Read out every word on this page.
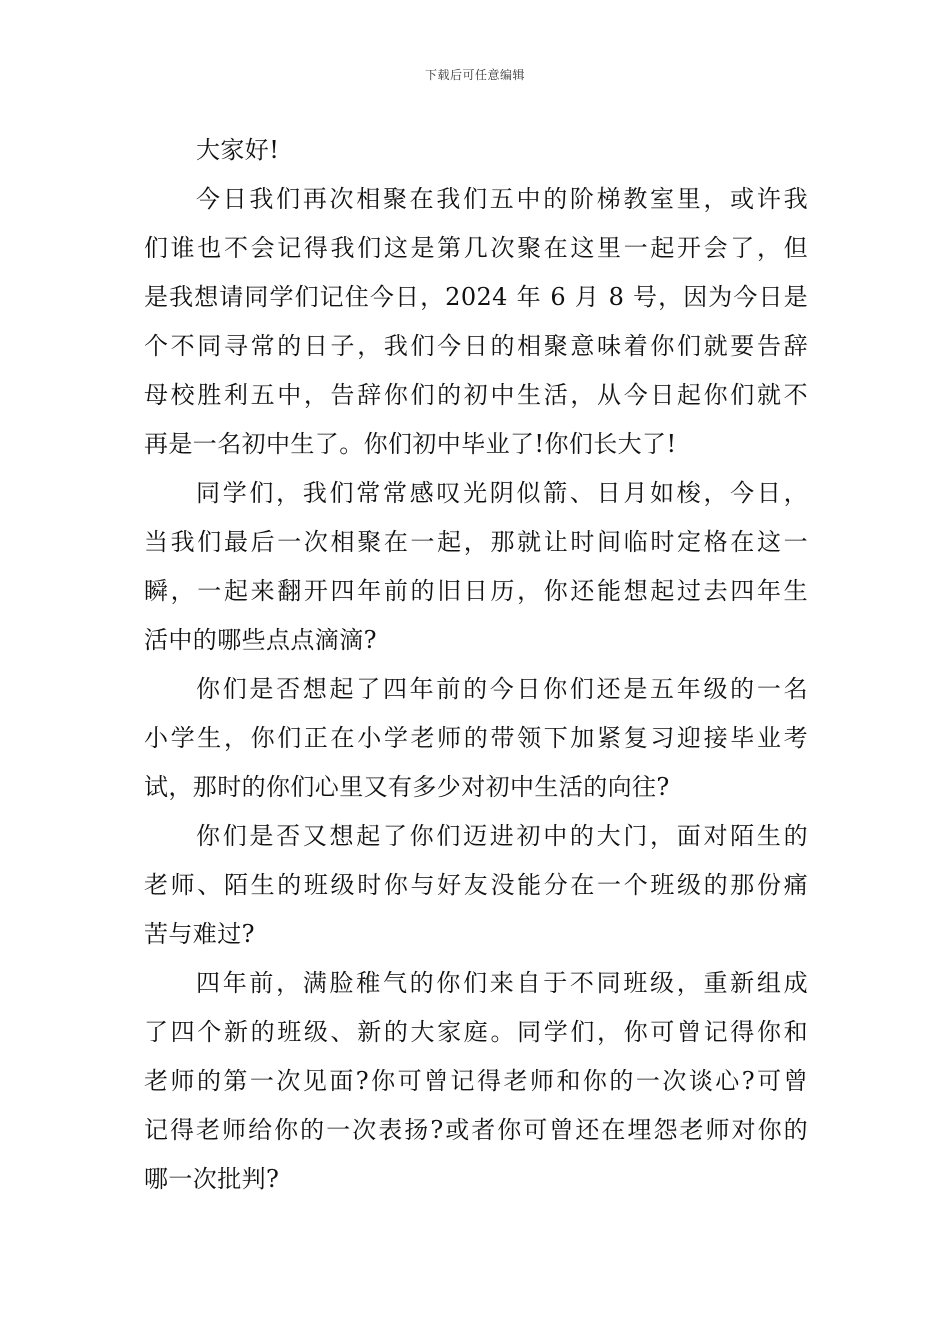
下载后可任意编辑
大家好!
今日我们再次相聚在我们五中的阶梯教室里，或许我
们谁也不会记得我们这是第几次聚在这里一起开会了，但
是我想请同学们记住今日，2024 年 6 月 8 号，因为今日是
个不同寻常的日子，我们今日的相聚意味着你们就要告辞
母校胜利五中，告辞你们的初中生活，从今日起你们就不
再是一名初中生了。你们初中毕业了!你们长大了!
同学们，我们常常感叹光阴似箭、日月如梭，今日，
当我们最后一次相聚在一起，那就让时间临时定格在这一
瞬，一起来翻开四年前的旧日历，你还能想起过去四年生
活中的哪些点点滴滴?
你们是否想起了四年前的今日你们还是五年级的一名
小学生，你们正在小学老师的带领下加紧复习迎接毕业考
试，那时的你们心里又有多少对初中生活的向往?
你们是否又想起了你们迈进初中的大门，面对陌生的
老师、陌生的班级时你与好友没能分在一个班级的那份痛
苦与难过?
四年前，满脸稚气的你们来自于不同班级，重新组成
了四个新的班级、新的大家庭。同学们，你可曾记得你和
老师的第一次见面?你可曾记得老师和你的一次谈心?可曾
记得老师给你的一次表扬?或者你可曾还在埋怨老师对你的
哪一次批判?
